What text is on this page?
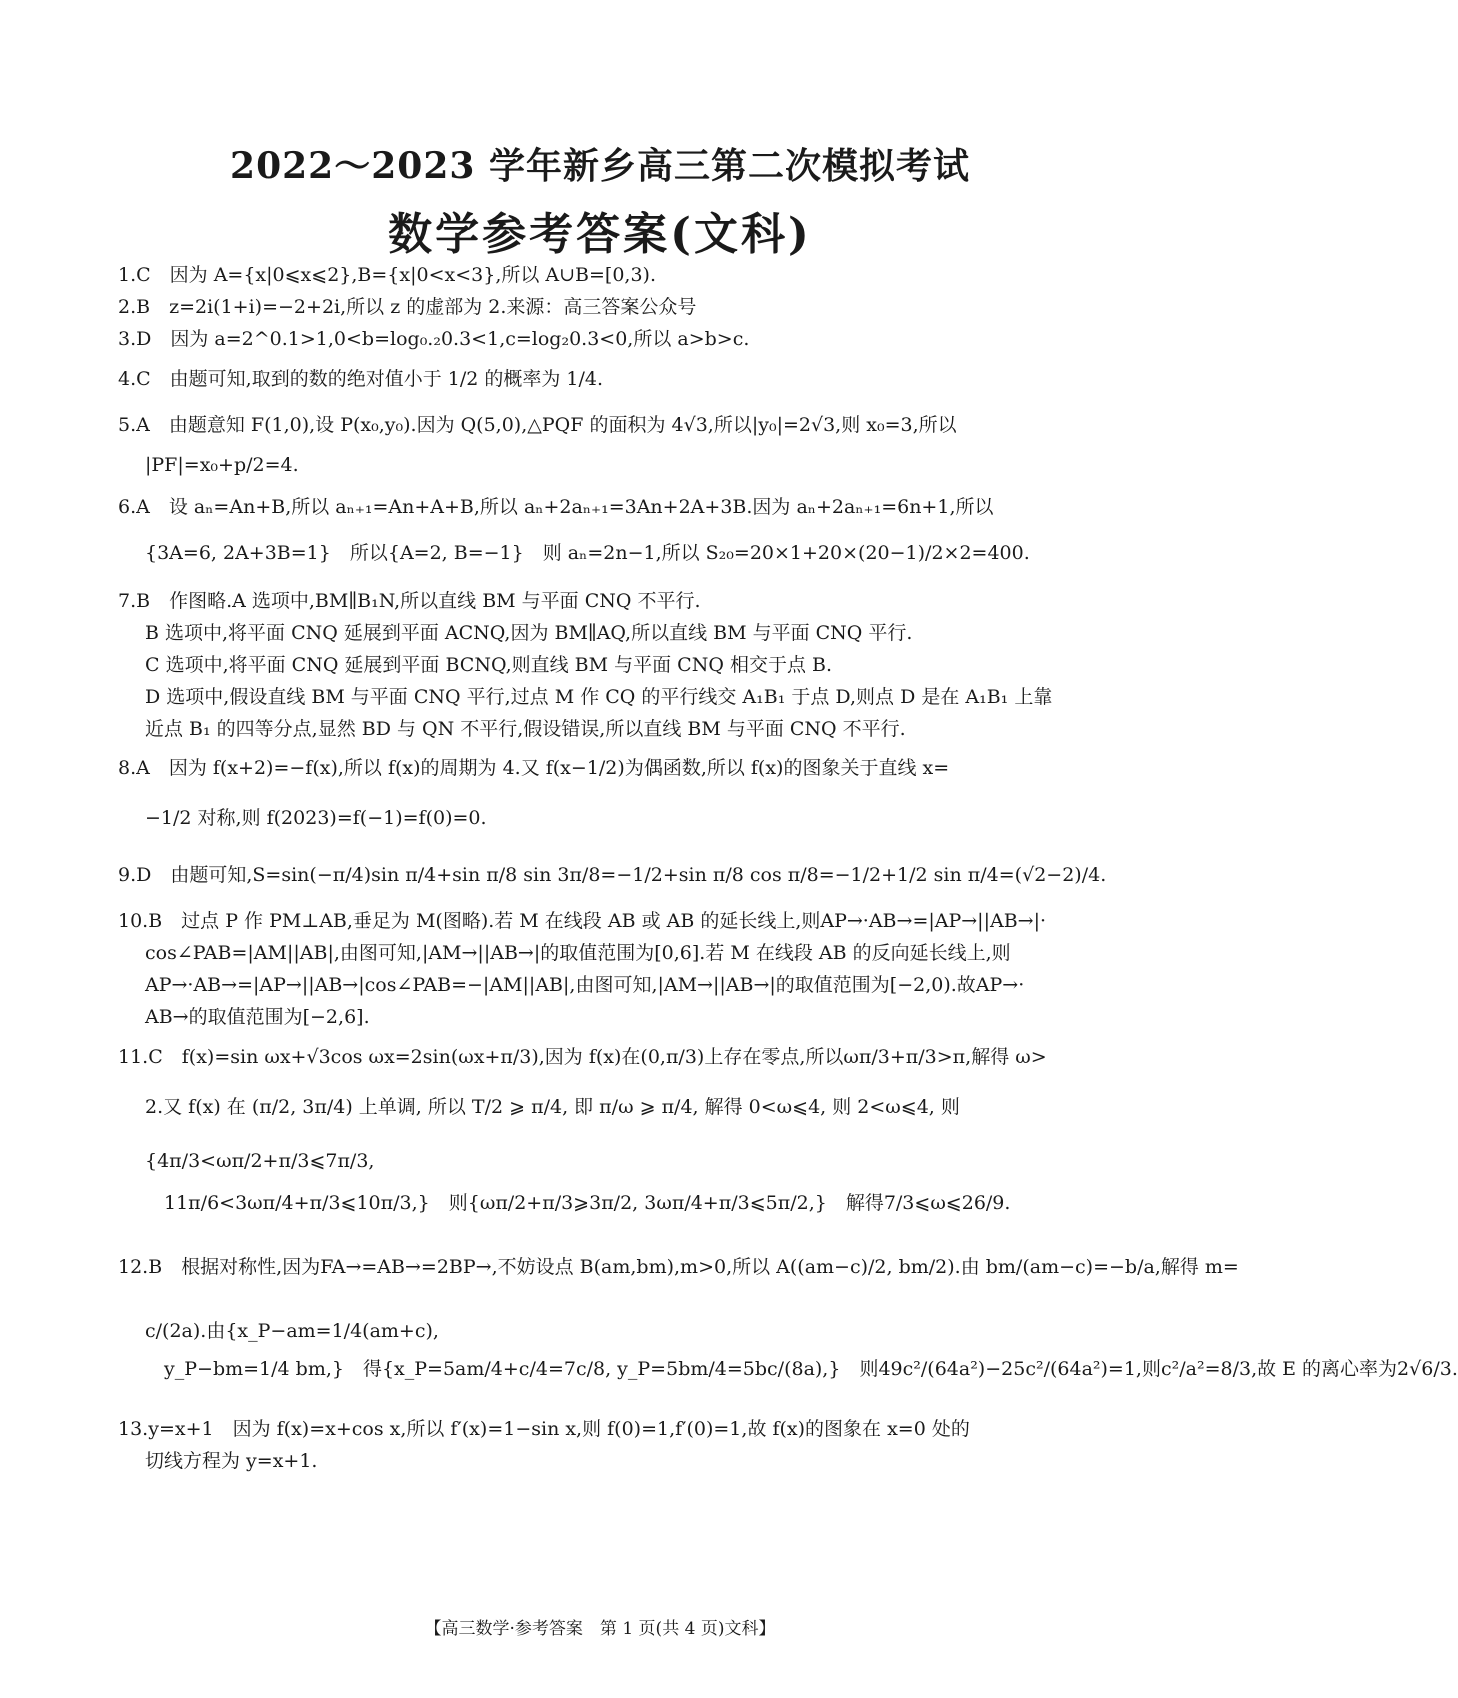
2022～2023 学年新乡高三第二次模拟考试
数学参考答案(文科)
1.C　因为 A={x|0⩽x⩽2},B={x|0<x<3},所以 A∪B=[0,3).
2.B　z=2i(1+i)=−2+2i,所以 z 的虚部为 2.来源：高三答案公众号
3.D　因为 a=2^0.1>1,0<b=log₀.₂0.3<1,c=log₂0.3<0,所以 a>b>c.
4.C　由题可知,取到的数的绝对值小于 1/2 的概率为 1/4.
5.A　由题意知 F(1,0),设 P(x₀,y₀).因为 Q(5,0),△PQF 的面积为 4√3,所以|y₀|=2√3,则 x₀=3,所以
|PF|=x₀+p/2=4.
6.A　设 aₙ=An+B,所以 aₙ₊₁=An+A+B,所以 aₙ+2aₙ₊₁=3An+2A+3B.因为 aₙ+2aₙ₊₁=6n+1,所以
{3A=6, 2A+3B=1}　所以{A=2, B=−1}　则 aₙ=2n−1,所以 S₂₀=20×1+20×(20−1)/2×2=400.
7.B　作图略.A 选项中,BM∥B₁N,所以直线 BM 与平面 CNQ 不平行.
B 选项中,将平面 CNQ 延展到平面 ACNQ,因为 BM∥AQ,所以直线 BM 与平面 CNQ 平行.
C 选项中,将平面 CNQ 延展到平面 BCNQ,则直线 BM 与平面 CNQ 相交于点 B.
D 选项中,假设直线 BM 与平面 CNQ 平行,过点 M 作 CQ 的平行线交 A₁B₁ 于点 D,则点 D 是在 A₁B₁ 上靠
近点 B₁ 的四等分点,显然 BD 与 QN 不平行,假设错误,所以直线 BM 与平面 CNQ 不平行.
8.A　因为 f(x+2)=−f(x),所以 f(x)的周期为 4.又 f(x−1/2)为偶函数,所以 f(x)的图象关于直线 x=
−1/2 对称,则 f(2023)=f(−1)=f(0)=0.
9.D　由题可知,S=sin(−π/4)sin π/4+sin π/8 sin 3π/8=−1/2+sin π/8 cos π/8=−1/2+1/2 sin π/4=(√2−2)/4.
10.B　过点 P 作 PM⊥AB,垂足为 M(图略).若 M 在线段 AB 或 AB 的延长线上,则AP→·AB→=|AP→||AB→|·
cos∠PAB=|AM||AB|,由图可知,|AM→||AB→|的取值范围为[0,6].若 M 在线段 AB 的反向延长线上,则
AP→·AB→=|AP→||AB→|cos∠PAB=−|AM||AB|,由图可知,|AM→||AB→|的取值范围为[−2,0).故AP→·
AB→的取值范围为[−2,6].
11.C　f(x)=sin ωx+√3cos ωx=2sin(ωx+π/3),因为 f(x)在(0,π/3)上存在零点,所以ωπ/3+π/3>π,解得 ω>
2.又 f(x) 在 (π/2, 3π/4) 上单调, 所以 T/2 ⩾ π/4, 即 π/ω ⩾ π/4, 解得 0<ω⩽4, 则 2<ω⩽4, 则
{4π/3<ωπ/2+π/3⩽7π/3,
　11π/6<3ωπ/4+π/3⩽10π/3,}　则{ωπ/2+π/3⩾3π/2, 3ωπ/4+π/3⩽5π/2,}　解得7/3⩽ω⩽26/9.
12.B　根据对称性,因为FA→=AB→=2BP→,不妨设点 B(am,bm),m>0,所以 A((am−c)/2, bm/2).由 bm/(am−c)=−b/a,解得 m=
c/(2a).由{x_P−am=1/4(am+c),
　y_P−bm=1/4 bm,}　得{x_P=5am/4+c/4=7c/8, y_P=5bm/4=5bc/(8a),}　则49c²/(64a²)−25c²/(64a²)=1,则c²/a²=8/3,故 E 的离心率为2√6/3.
13.y=x+1　因为 f(x)=x+cos x,所以 f′(x)=1−sin x,则 f(0)=1,f′(0)=1,故 f(x)的图象在 x=0 处的
切线方程为 y=x+1.
【高三数学·参考答案　第 1 页(共 4 页)文科】
